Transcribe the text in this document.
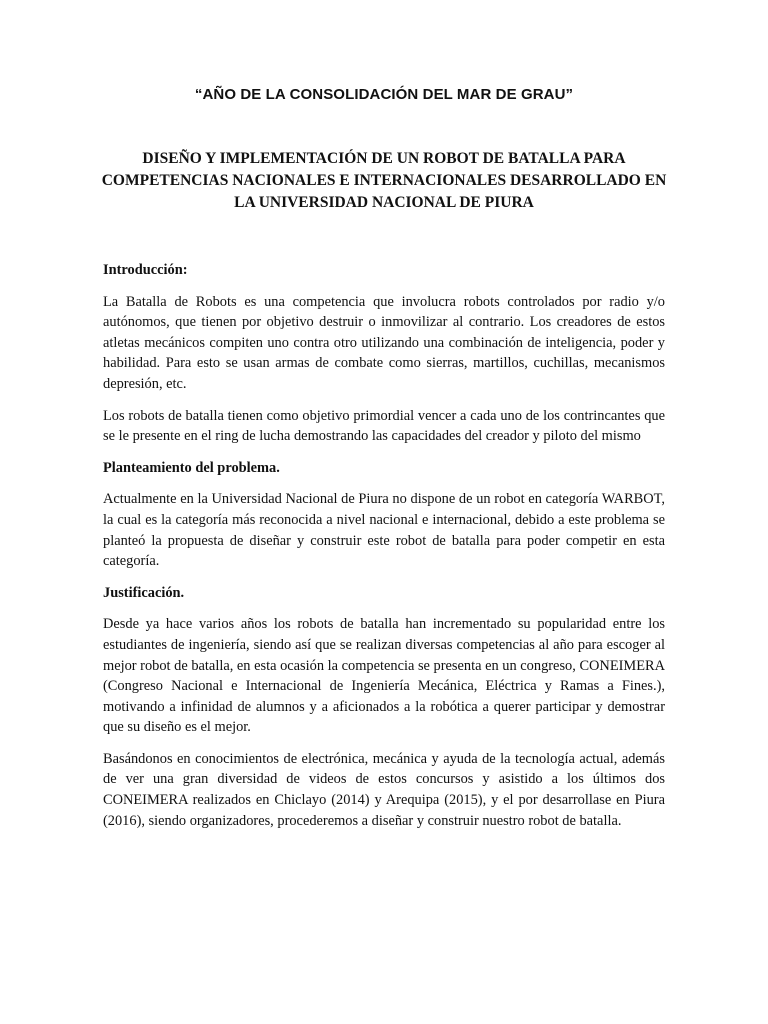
“AÑO DE LA CONSOLIDACIÓN DEL MAR DE GRAU”
DISEÑO Y IMPLEMENTACIÓN DE UN ROBOT DE BATALLA PARA
COMPETENCIAS NACIONALES E INTERNACIONALES DESARROLLADO EN
LA UNIVERSIDAD NACIONAL DE PIURA
Introducción:

La Batalla de Robots es una competencia que involucra robots controlados por radio y/o autónomos, que tienen por objetivo destruir o inmovilizar al contrario. Los creadores de estos atletas mecánicos compiten uno contra otro utilizando una combinación de inteligencia, poder y habilidad. Para esto se usan armas de combate como sierras, martillos, cuchillas, mecanismos depresión, etc.

Los robots de batalla tienen como objetivo primordial vencer a cada uno de los contrincantes que se le presente en el ring de lucha demostrando las capacidades del creador y piloto del mismo

Planteamiento del problema.

Actualmente en la Universidad Nacional de Piura no dispone de un robot en categoría WARBOT, la cual es la categoría más reconocida a nivel nacional e internacional, debido a este problema se planteó la propuesta de diseñar y construir este robot de batalla para poder competir en esta categoría.

Justificación.

Desde ya hace varios años los robots de batalla han incrementado su popularidad entre los estudiantes de ingeniería, siendo así que se realizan diversas competencias al año para escoger al mejor robot de batalla, en esta ocasión la competencia se presenta en un congreso, CONEIMERA (Congreso Nacional e Internacional de Ingeniería Mecánica, Eléctrica y Ramas a Fines.), motivando a infinidad de alumnos y a aficionados a la robótica a querer participar y demostrar que su diseño es el mejor.

Basándonos en conocimientos de electrónica, mecánica y ayuda de la tecnología actual, además de ver una gran diversidad de videos de estos concursos y asistido a los últimos dos CONEIMERA realizados en Chiclayo (2014) y Arequipa (2015), y el por desarrollase en Piura (2016), siendo organizadores, procederemos a diseñar y construir nuestro robot de batalla.
